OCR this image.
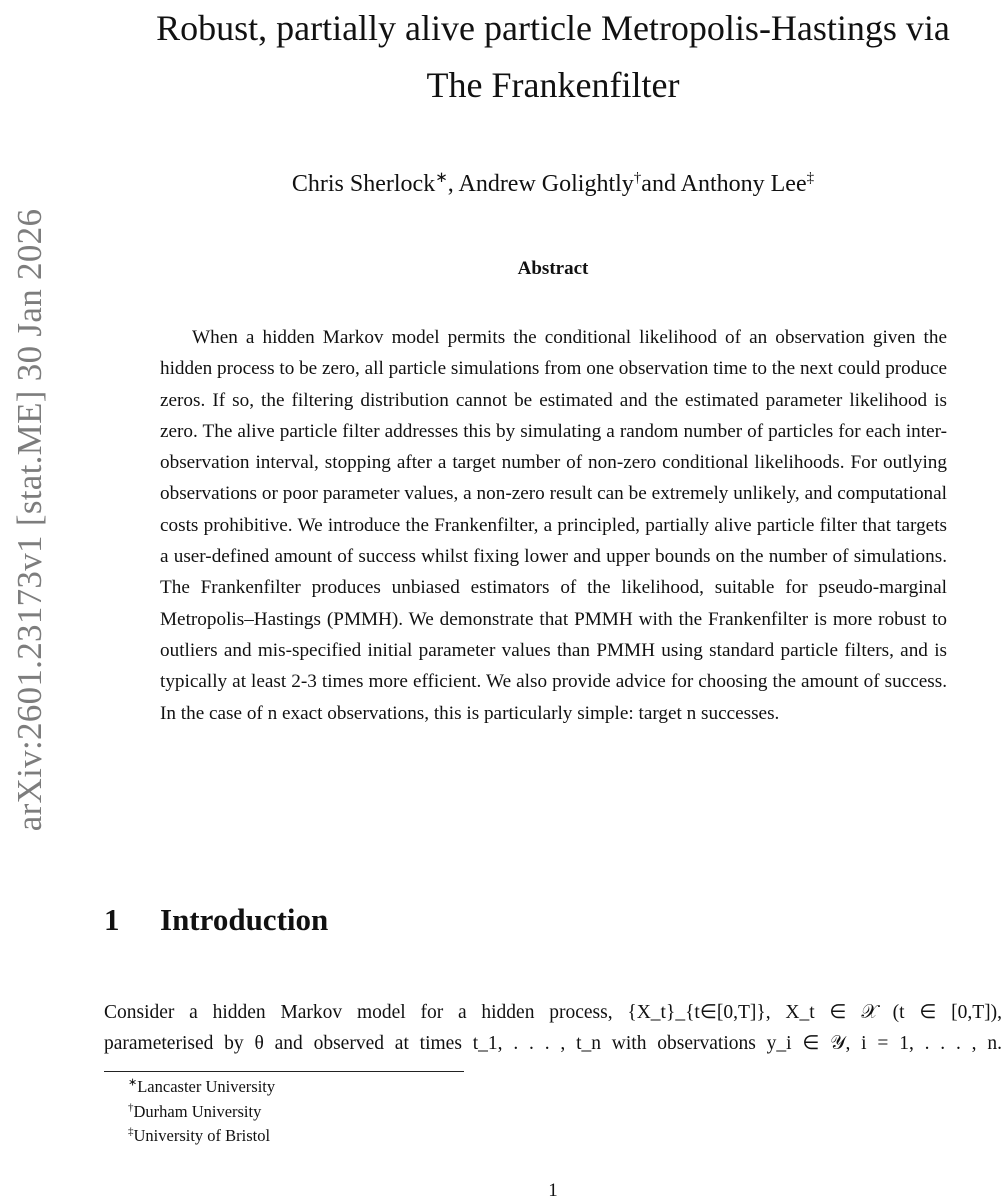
arXiv:2601.23173v1 [stat.ME] 30 Jan 2026
Robust, partially alive particle Metropolis-Hastings via
The Frankenfilter
Chris Sherlock∗, Andrew Golightly†and Anthony Lee‡
Abstract

When a hidden Markov model permits the conditional likelihood of an observation given the hidden process to be zero, all particle simulations from one observation time to the next could produce zeros. If so, the filtering distribution cannot be estimated and the estimated parameter likelihood is zero. The alive particle filter addresses this by simulating a random number of particles for each inter-observation interval, stopping after a target number of non-zero conditional likelihoods. For outlying observations or poor parameter values, a non-zero result can be extremely unlikely, and computational costs prohibitive. We introduce the Frankenfilter, a principled, partially alive particle filter that targets a user-defined amount of success whilst fixing lower and upper bounds on the number of simulations. The Frankenfilter produces unbiased estimators of the likelihood, suitable for pseudo-marginal Metropolis–Hastings (PMMH). We demonstrate that PMMH with the Frankenfilter is more robust to outliers and mis-specified initial parameter values than PMMH using standard particle filters, and is typically at least 2-3 times more efficient. We also provide advice for choosing the amount of success. In the case of n exact observations, this is particularly simple: target n successes.

1 Introduction
Consider a hidden Markov model for a hidden process, {X_t}_{t∈[0,T]}, X_t ∈ 𝒳 (t ∈ [0,T]),
parameterised by θ and observed at times t_1, . . . , t_n with observations y_i ∈ 𝒴, i = 1, . . . , n.
∗Lancaster University
†Durham University
‡University of Bristol
1
